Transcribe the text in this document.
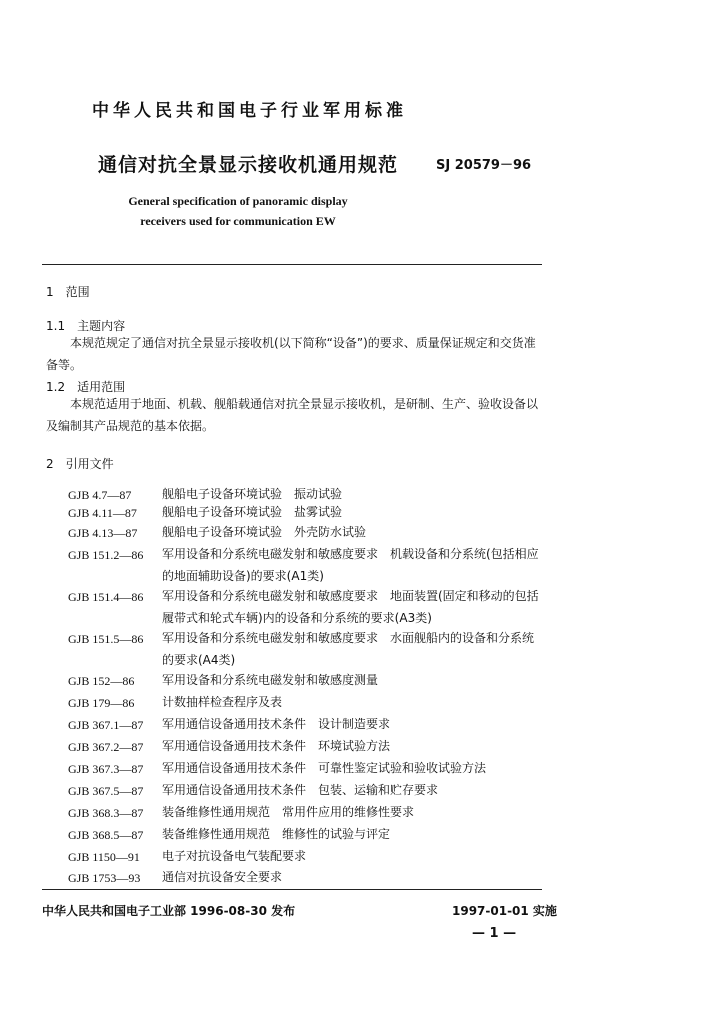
中华人民共和国电子行业军用标准
通信对抗全景显示接收机通用规范	SJ 20579－96
General specification of panoramic display
receivers used for communication EW
1　范围
1.1　主题内容
本规范规定了通信对抗全景显示接收机(以下简称“设备”)的要求、质量保证规定和交货准备等。
1.2　适用范围
本规范适用于地面、机载、舰船载通信对抗全景显示接收机，是研制、生产、验收设备以及编制其产品规范的基本依据。
2　引用文件
GJB 4.7—87	舰船电子设备环境试验　振动试验
GJB 4.11—87 舰船电子设备环境试验　盐雾试验
GJB 4.13—87 舰船电子设备环境试验　外壳防水试验
GJB 151.2—86 军用设备和分系统电磁发射和敏感度要求　机载设备和分系统(包括相应的地面辅助设备)的要求(A1类)
GJB 151.4—86 军用设备和分系统电磁发射和敏感度要求　地面装置(固定和移动的包括履带式和轮式车辆)内的设备和分系统的要求(A3类)
GJB 151.5—86 军用设备和分系统电磁发射和敏感度要求　水面舰船内的设备和分系统的要求(A4类)
GJB 152—86 军用设备和分系统电磁发射和敏感度测量
GJB 179—86 计数抽样检查程序及表
GJB 367.1—87 军用通信设备通用技术条件　设计制造要求
GJB 367.2—87 军用通信设备通用技术条件　环境试验方法
GJB 367.3—87 军用通信设备通用技术条件　可靠性鉴定试验和验收试验方法
GJB 367.5—87 军用通信设备通用技术条件　包装、运输和贮存要求
GJB 368.3—87 装备维修性通用规范　常用件应用的维修性要求
GJB 368.5—87 装备维修性通用规范　维修性的试验与评定
GJB 1150—91 电子对抗设备电气装配要求
GJB 1753—93 通信对抗设备安全要求
中华人民共和国电子工业部 1996-08-30 发布	1997-01-01 实施
— 1 —
